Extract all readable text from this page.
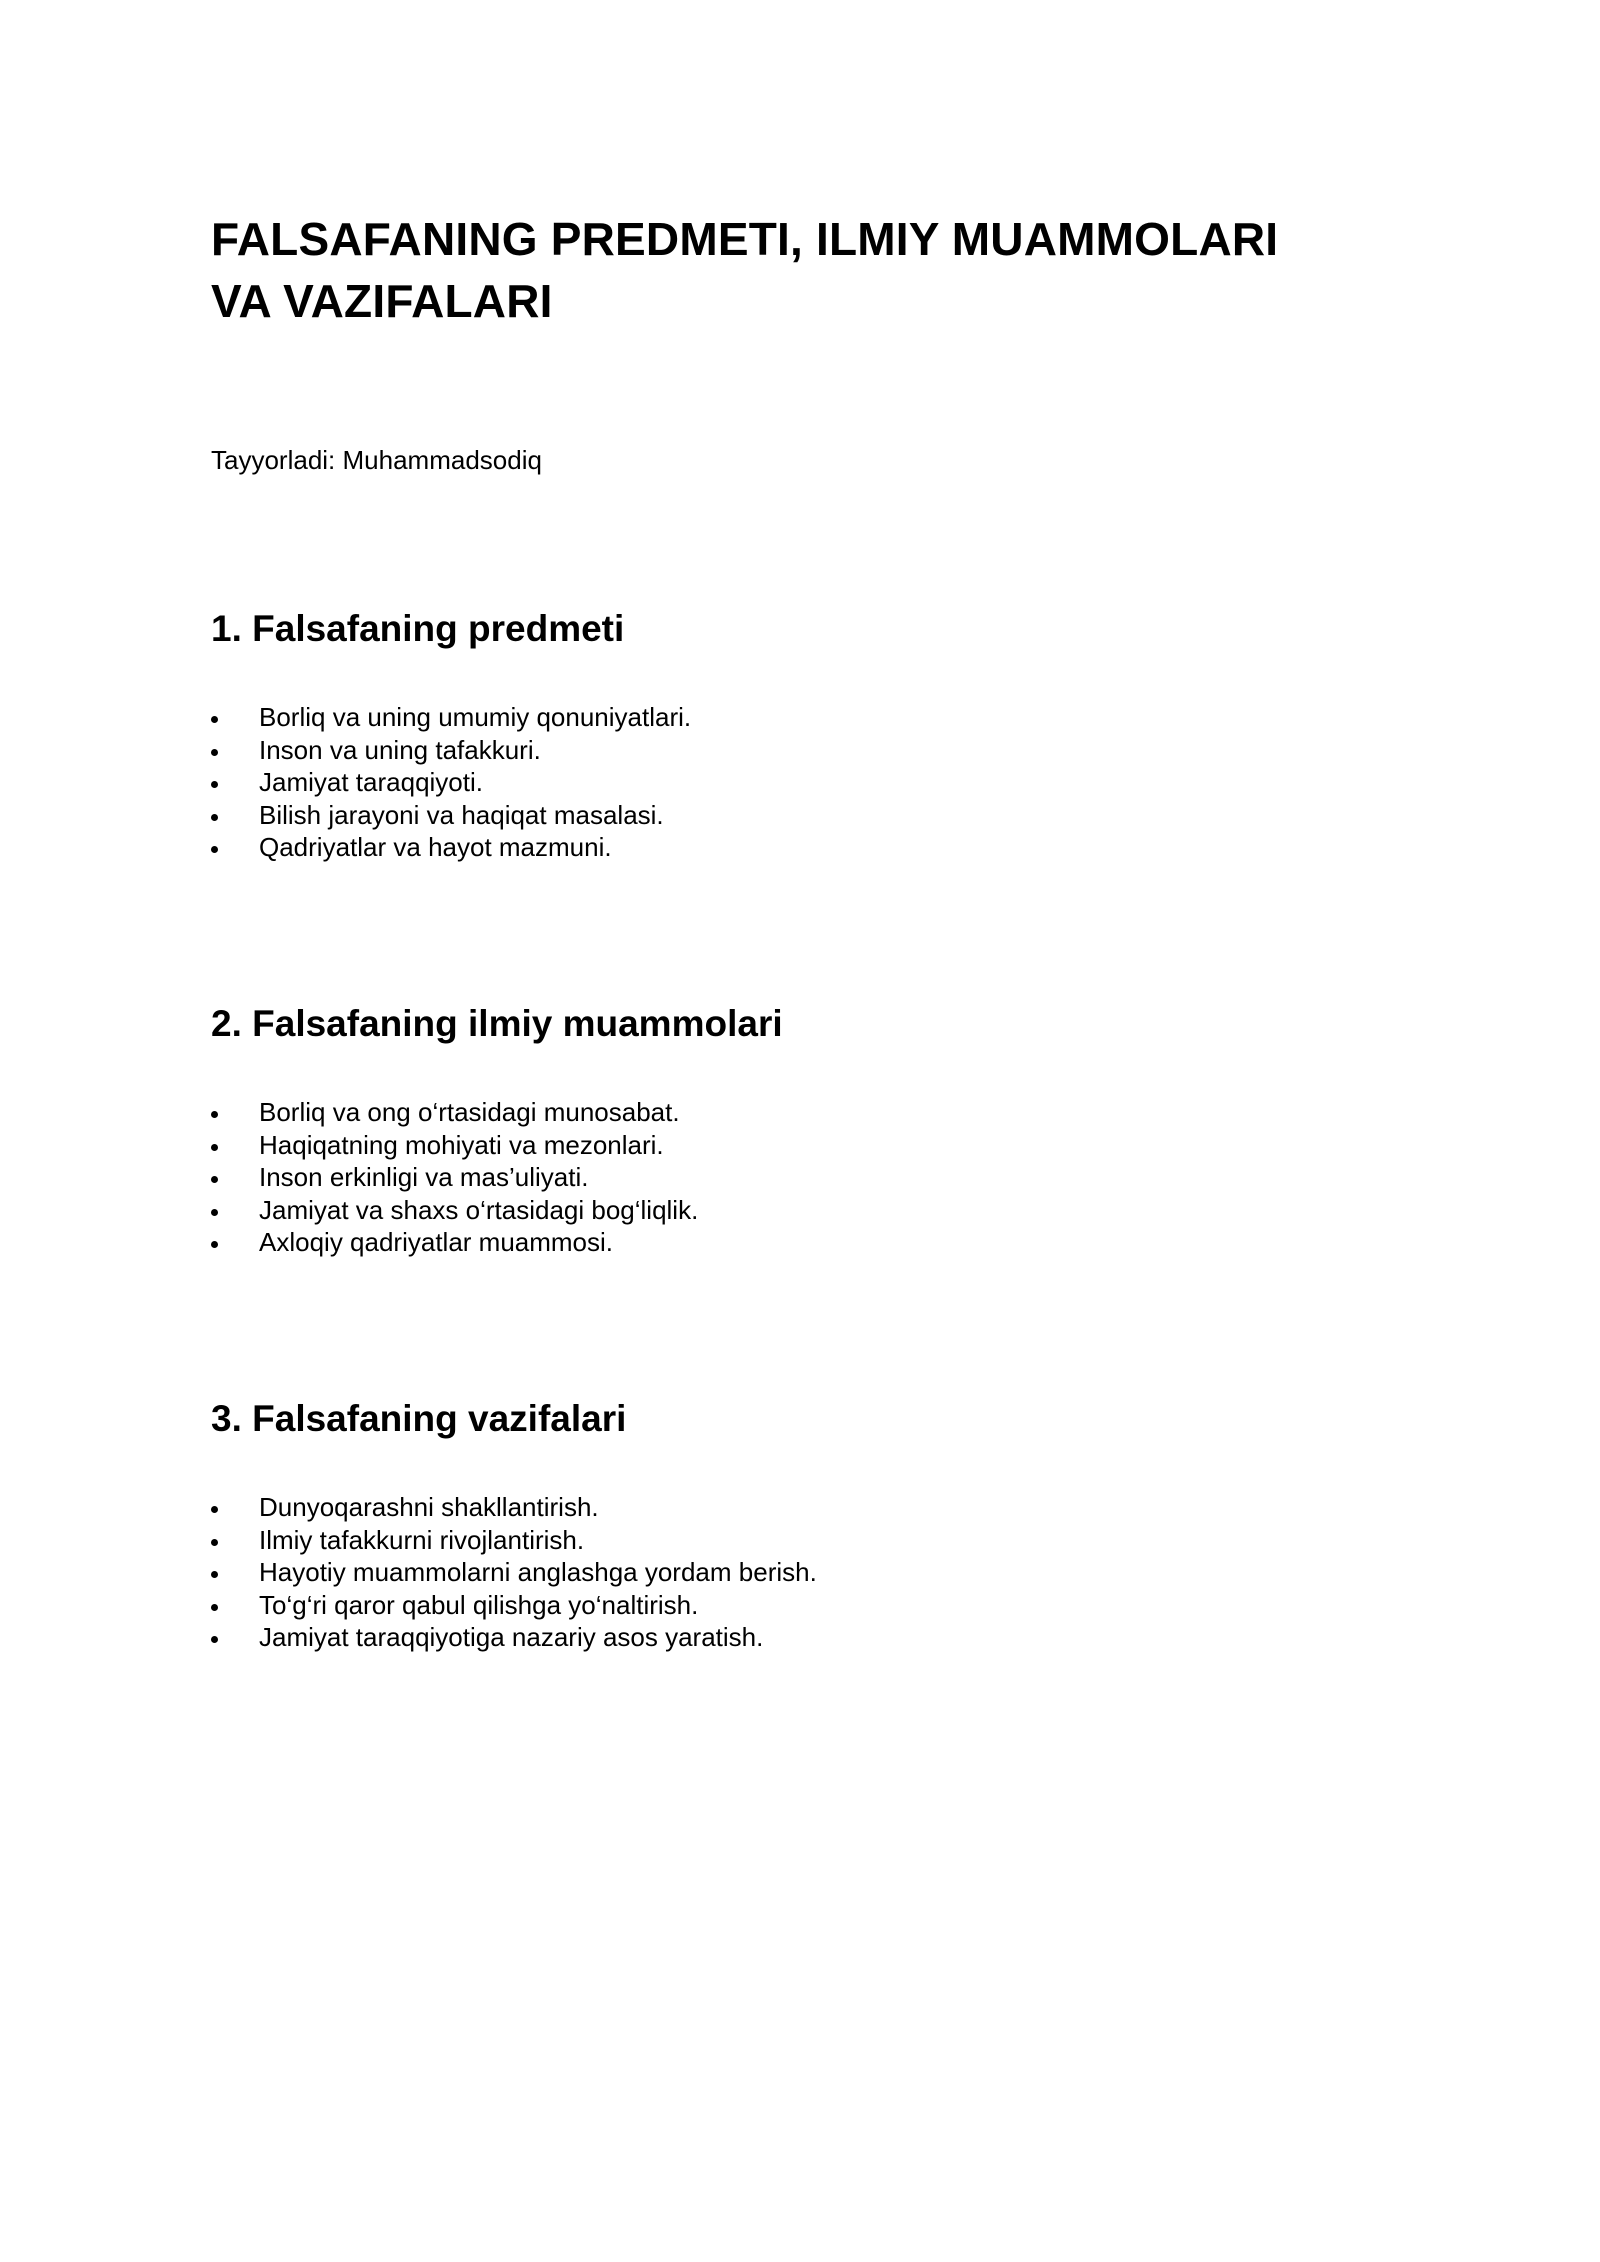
FALSAFANING PREDMETI, ILMIY MUAMMOLARI
VA VAZIFALARI

Tayyorladi: Muhammadsodiq

1. Falsafaning predmeti
Borliq va uning umumiy qonuniyatlari.
Inson va uning tafakkuri.
Jamiyat taraqqiyoti.
Bilish jarayoni va haqiqat masalasi.
Qadriyatlar va hayot mazmuni.
2. Falsafaning ilmiy muammolari
Borliq va ong o‘rtasidagi munosabat.
Haqiqatning mohiyati va mezonlari.
Inson erkinligi va mas’uliyati.
Jamiyat va shaxs o‘rtasidagi bog‘liqlik.
Axloqiy qadriyatlar muammosi.
3. Falsafaning vazifalari
Dunyoqarashni shakllantirish.
Ilmiy tafakkurni rivojlantirish.
Hayotiy muammolarni anglashga yordam berish.
To‘g‘ri qaror qabul qilishga yo‘naltirish.
Jamiyat taraqqiyotiga nazariy asos yaratish.
